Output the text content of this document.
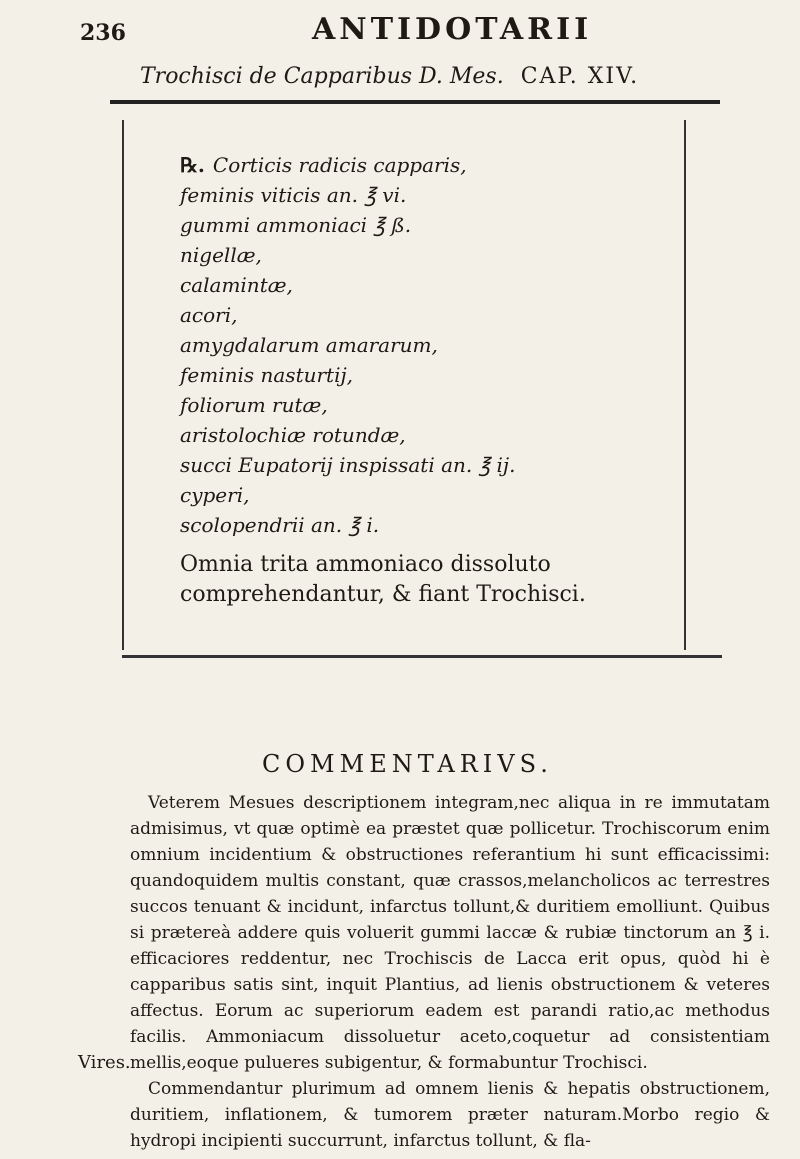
236	ANTIDOTARII
Trochisci de Capparibus D. Mes. CAP. XIV.
℞. Corticis radicis capparis,
feminis viticis an. ℥ vi.
gummi ammoniaci ℥ ß.
nigellæ,
calamintæ,
acori,
amygdalarum amararum,
feminis nasturtij,
foliorum rutæ,
aristolochiæ rotundæ,
succi Eupatorij inspissati an. ℥ ij.
cyperi,
scolopendrii an. ℥ i.
Omnia trita ammoniaco dissoluto comprehendantur, & fiant Trochisci.
COMMENTARIVS.

Veterem Mesues descriptionem integram,nec aliqua in re immutatam admisimus, vt quæ optimè ea præstet quæ pollicetur. Trochiscorum enim omnium incidentium & obstructiones referantium hi sunt efficacissimi: quandoquidem multis constant, quæ crassos,melancholicos ac terrestres succos tenuant & incidunt, infarctus tollunt,& duritiem emolliunt. Quibus si prætereà addere quis voluerit gummi laccæ & rubiæ tinctorum an ℥ i. efficaciores reddentur, nec Trochiscis de Lacca erit opus, quòd hi è capparibus satis sint, inquit Plantius, ad lienis obstructionem & veteres affectus. Eorum ac superiorum eadem est parandi ratio,ac methodus facilis. Ammoniacum dissoluetur aceto,coquetur ad consistentiam mellis,eoque pulueres subigentur, & formabuntur Trochisci.

Commendantur plurimum ad omnem lienis & hepatis obstructionem, duritiem, inflationem, & tumorem præter naturam.Morbo regio & hydropi incipienti succurrunt, infarctus tollunt, & fla-

Vires.
